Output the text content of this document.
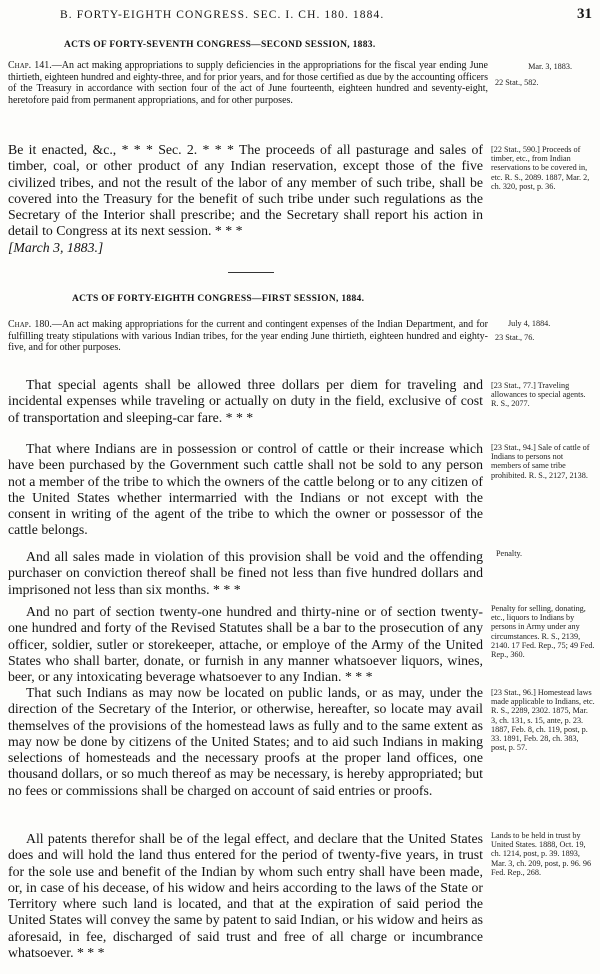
B. FORTY-EIGHTH CONGRESS. SEC. I. CH. 180. 1884.	31

ACTS OF FORTY-SEVENTH CONGRESS—SECOND SESSION, 1883.

Chap. 141.—An act making appropriations to supply deficiencies in the appropriations for the fiscal year ending June thirtieth, eighteen hundred and eighty-three, and for prior years, and for those certified as due by the accounting officers of the Treasury in accordance with section four of the act of June fourteenth, eighteen hundred and seventy-eight, heretofore paid from permanent appropriations, and for other purposes.

Mar. 3, 1883.

22 Stat., 582.

Be it enacted, &c., * * * Sec. 2. * * * The proceeds of all pasturage and sales of timber, coal, or other product of any Indian reservation, except those of the five civilized tribes, and not the result of the labor of any member of such tribe, shall be covered into the Treasury for the benefit of such tribe under such regulations as the Secretary of the Interior shall prescribe; and the Secretary shall report his action in detail to Congress at its next session. * * *
[March 3, 1883.]

[22 Stat., 590.] Proceeds of timber, etc., from Indian reservations to be covered in, etc. R. S., 2089. 1887, Mar. 2, ch. 320, post, p. 36.

ACTS OF FORTY-EIGHTH CONGRESS—FIRST SESSION, 1884.

Chap. 180.—An act making appropriations for the current and contingent expenses of the Indian Department, and for fulfilling treaty stipulations with various Indian tribes, for the year ending June thirtieth, eighteen hundred and eighty-five, and for other purposes.

July 4, 1884.

23 Stat., 76.

That special agents shall be allowed three dollars per diem for traveling and incidental expenses while traveling or actually on duty in the field, exclusive of cost of transportation and sleeping-car fare. * * *

[23 Stat., 77.] Traveling allowances to special agents. R. S., 2077.

That where Indians are in possession or control of cattle or their increase which have been purchased by the Government such cattle shall not be sold to any person not a member of the tribe to which the owners of the cattle belong or to any citizen of the United States whether intermarried with the Indians or not except with the consent in writing of the agent of the tribe to which the owner or possessor of the cattle belongs.

[23 Stat., 94.] Sale of cattle of Indians to persons not members of same tribe prohibited. R. S., 2127, 2138.

And all sales made in violation of this provision shall be void and the offending purchaser on conviction thereof shall be fined not less than five hundred dollars and imprisoned not less than six months. * * *

Penalty.

And no part of section twenty-one hundred and thirty-nine or of section twenty-one hundred and forty of the Revised Statutes shall be a bar to the prosecution of any officer, soldier, sutler or storekeeper, attache, or employe of the Army of the United States who shall barter, donate, or furnish in any manner whatsoever liquors, wines, beer, or any intoxicating beverage whatsoever to any Indian. * * *

Penalty for selling, donating, etc., liquors to Indians by persons in Army under any circumstances. R. S., 2139, 2140. 17 Fed. Rep., 75; 49 Fed. Rep., 360.

That such Indians as may now be located on public lands, or as may, under the direction of the Secretary of the Interior, or otherwise, hereafter, so locate may avail themselves of the provisions of the homestead laws as fully and to the same extent as may now be done by citizens of the United States; and to aid such Indians in making selections of homesteads and the necessary proofs at the proper land offices, one thousand dollars, or so much thereof as may be necessary, is hereby appropriated; but no fees or commissions shall be charged on account of said entries or proofs.

[23 Stat., 96.] Homestead laws made applicable to Indians, etc. R. S., 2289, 2302. 1875, Mar. 3, ch. 131, s. 15, ante, p. 23. 1887, Feb. 8, ch. 119, post, p. 33. 1891, Feb. 28, ch. 383, post, p. 57.

All patents therefor shall be of the legal effect, and declare that the United States does and will hold the land thus entered for the period of twenty-five years, in trust for the sole use and benefit of the Indian by whom such entry shall have been made, or, in case of his decease, of his widow and heirs according to the laws of the State or Territory where such land is located, and that at the expiration of said period the United States will convey the same by patent to said Indian, or his widow and heirs as aforesaid, in fee, discharged of said trust and free of all charge or incumbrance whatsoever. * * *

Lands to be held in trust by United States. 1888, Oct. 19, ch. 1214, post, p. 39. 1893, Mar. 3, ch. 209, post, p. 96. 96 Fed. Rep., 268.
